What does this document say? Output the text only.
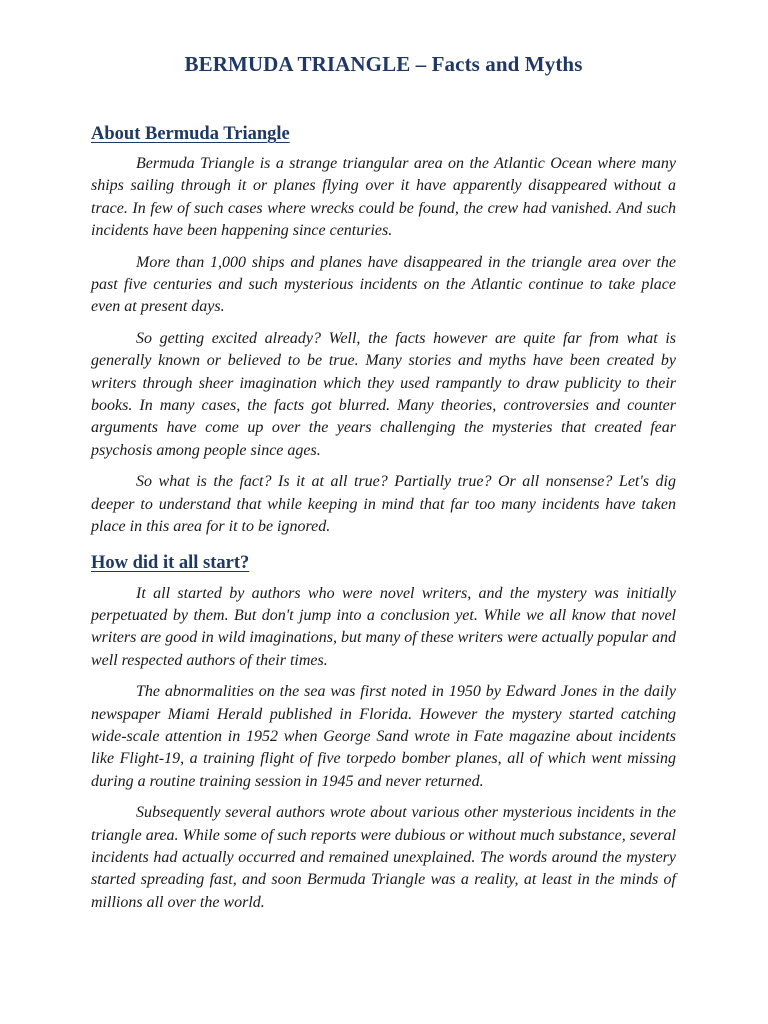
BERMUDA TRIANGLE – Facts and Myths
About Bermuda Triangle

Bermuda Triangle is a strange triangular area on the Atlantic Ocean where many ships sailing through it or planes flying over it have apparently disappeared without a trace. In few of such cases where wrecks could be found, the crew had vanished. And such incidents have been happening since centuries.

More than 1,000 ships and planes have disappeared in the triangle area over the past five centuries and such mysterious incidents on the Atlantic continue to take place even at present days.

So getting excited already? Well, the facts however are quite far from what is generally known or believed to be true. Many stories and myths have been created by writers through sheer imagination which they used rampantly to draw publicity to their books. In many cases, the facts got blurred. Many theories, controversies and counter arguments have come up over the years challenging the mysteries that created fear psychosis among people since ages.

So what is the fact? Is it at all true? Partially true? Or all nonsense? Let's dig deeper to understand that while keeping in mind that far too many incidents have taken place in this area for it to be ignored.

How did it all start?

It all started by authors who were novel writers, and the mystery was initially perpetuated by them. But don't jump into a conclusion yet. While we all know that novel writers are good in wild imaginations, but many of these writers were actually popular and well respected authors of their times.

The abnormalities on the sea was first noted in 1950 by Edward Jones in the daily newspaper Miami Herald published in Florida. However the mystery started catching wide-scale attention in 1952 when George Sand wrote in Fate magazine about incidents like Flight-19, a training flight of five torpedo bomber planes, all of which went missing during a routine training session in 1945 and never returned.

Subsequently several authors wrote about various other mysterious incidents in the triangle area. While some of such reports were dubious or without much substance, several incidents had actually occurred and remained unexplained. The words around the mystery started spreading fast, and soon Bermuda Triangle was a reality, at least in the minds of millions all over the world.
